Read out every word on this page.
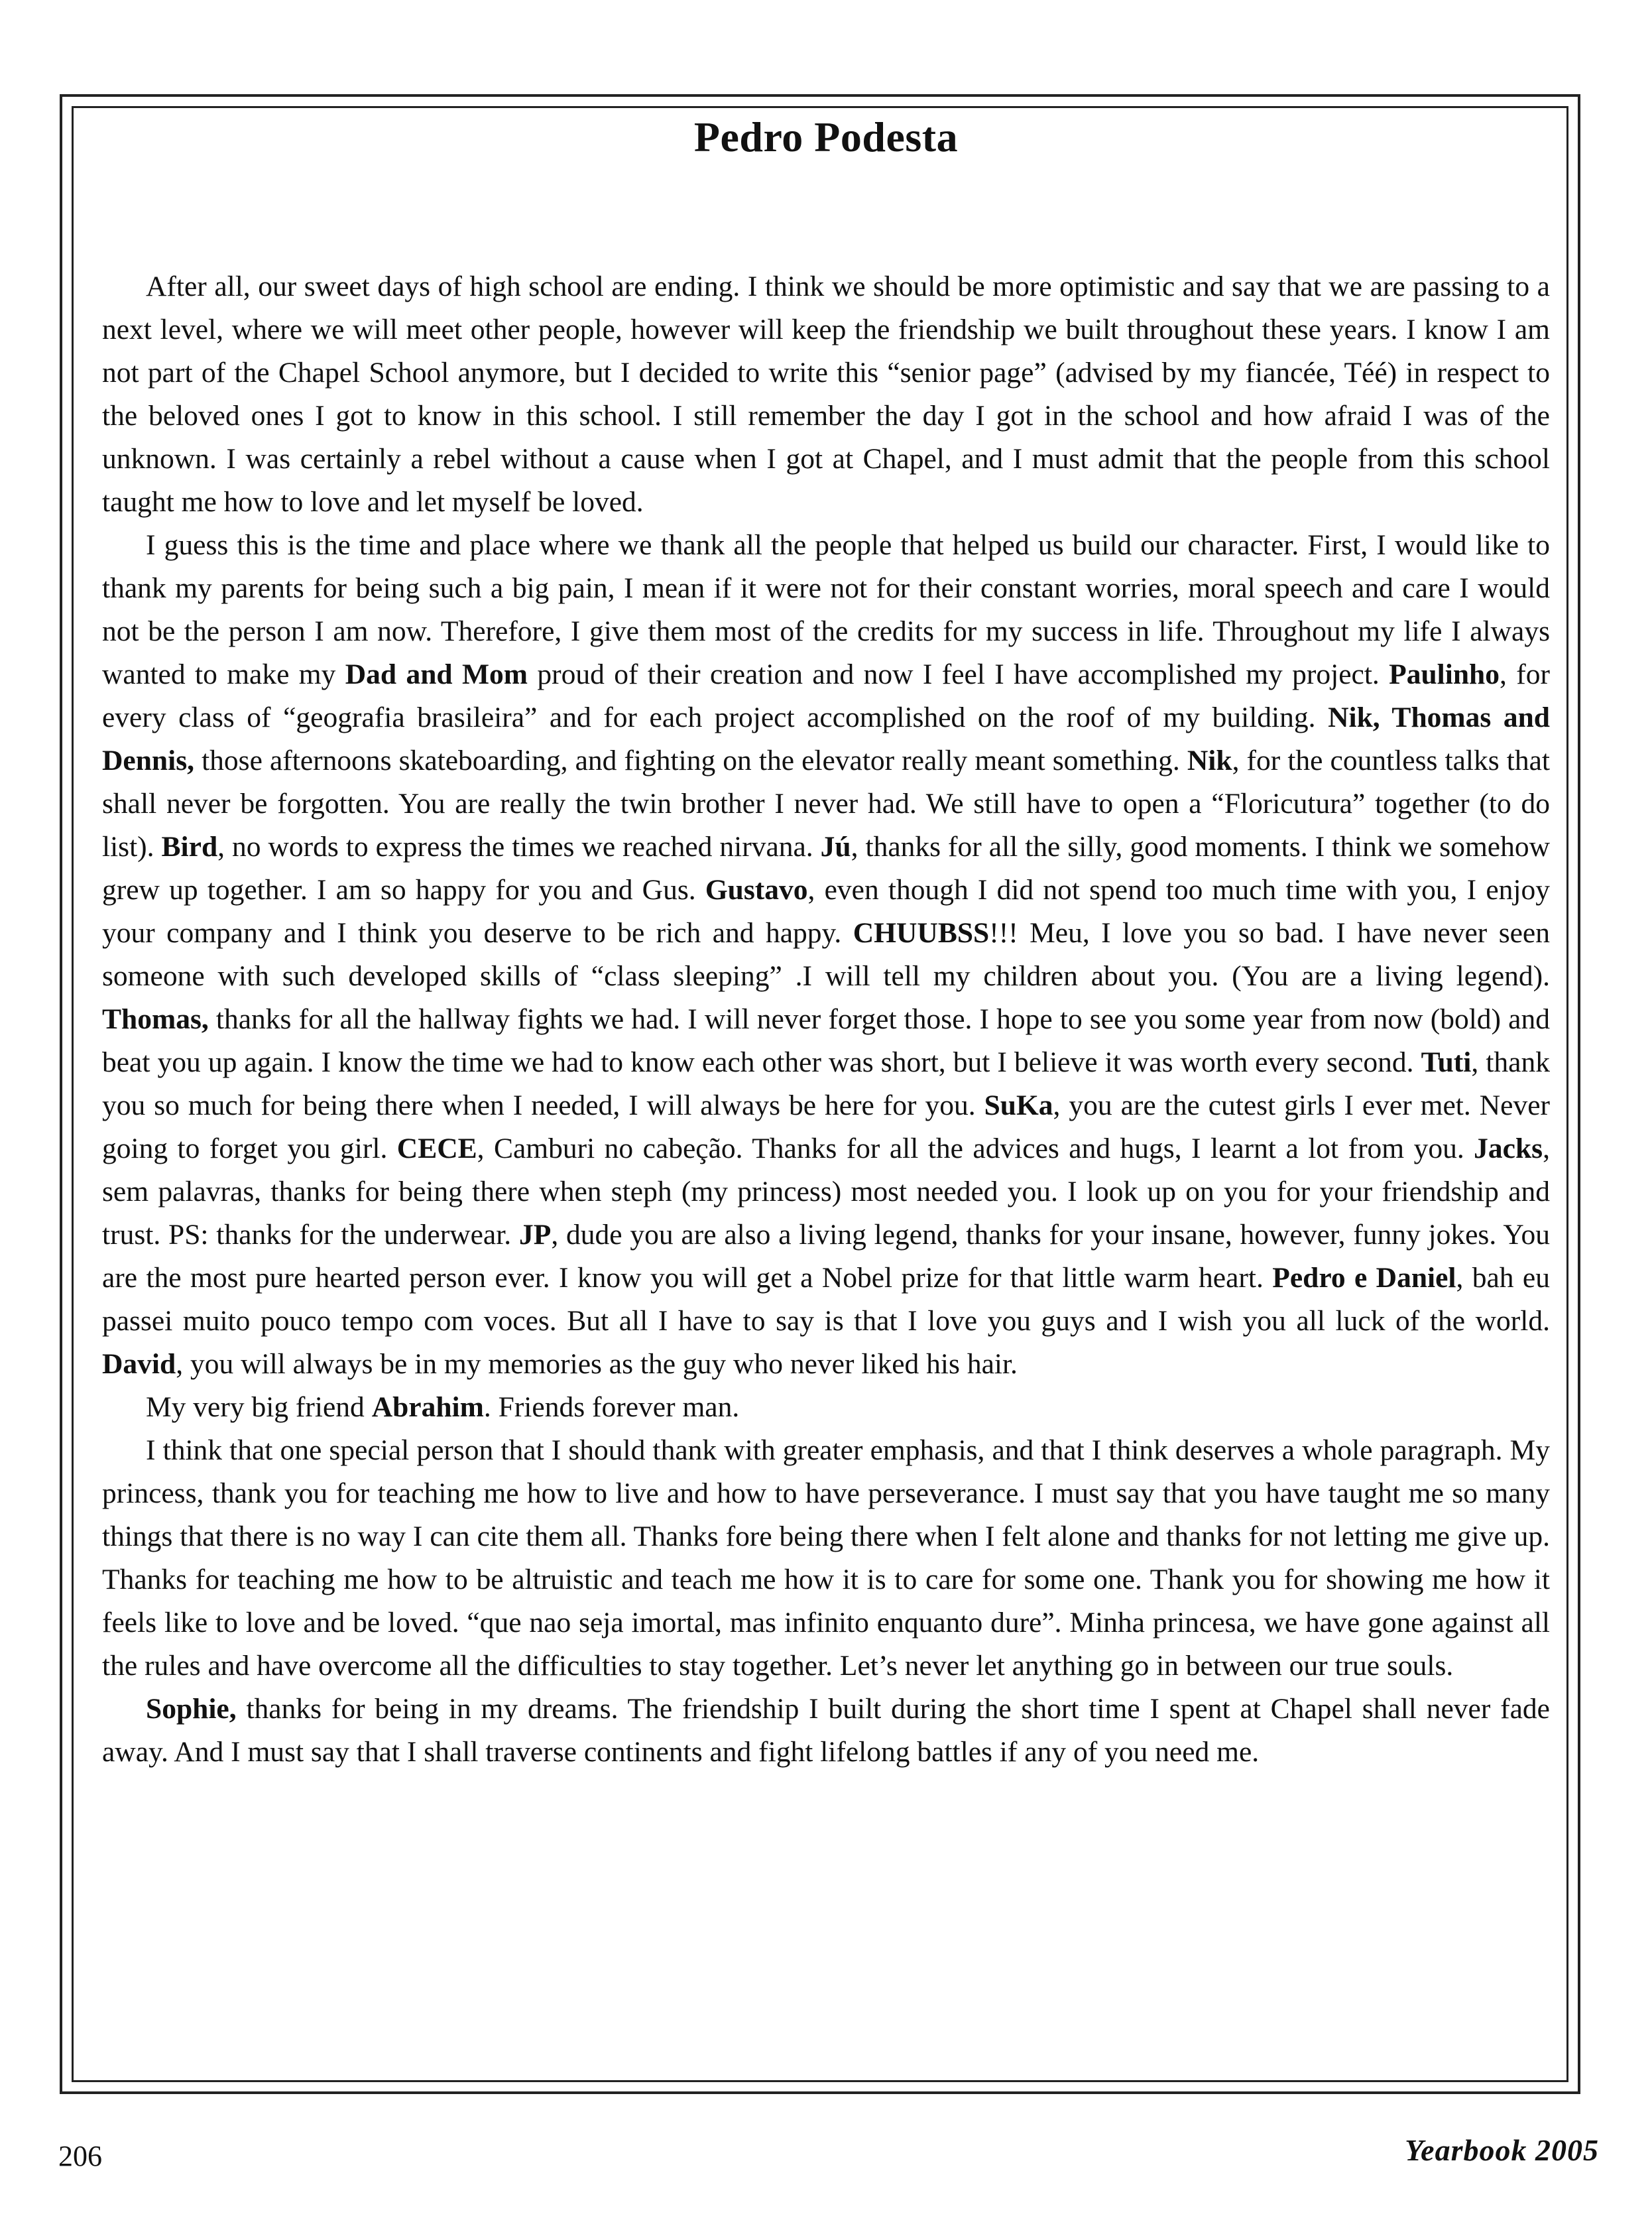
Pedro Podesta

After all, our sweet days of high school are ending. I think we should be more optimistic and say that we are passing to a next level, where we will meet other people, however will keep the friendship we built throughout these years. I know I am not part of the Chapel School anymore, but I decided to write this “senior page” (advised by my fiancée, Téé) in respect to the beloved ones I got to know in this school. I still remember the day I got in the school and how afraid I was of the unknown. I was certainly a rebel without a cause when I got at Chapel, and I must admit that the people from this school taught me how to love and let myself be loved.

I guess this is the time and place where we thank all the people that helped us build our character. First, I would like to thank my parents for being such a big pain, I mean if it were not for their constant worries, moral speech and care I would not be the person I am now. Therefore, I give them most of the credits for my success in life. Throughout my life I always wanted to make my Dad and Mom proud of their creation and now I feel I have accomplished my project. Paulinho, for every class of “geografia brasileira” and for each project accomplished on the roof of my building. Nik, Thomas and Dennis, those afternoons skateboarding, and fighting on the elevator really meant something. Nik, for the countless talks that shall never be forgotten. You are really the twin brother I never had. We still have to open a “Floricutura” together (to do list). Bird, no words to express the times we reached nirvana. Jú, thanks for all the silly, good moments. I think we somehow grew up together. I am so happy for you and Gus. Gustavo, even though I did not spend too much time with you, I enjoy your company and I think you deserve to be rich and happy. CHUUBSS!!! Meu, I love you so bad. I have never seen someone with such developed skills of “class sleeping” .I will tell my children about you. (You are a living legend). Thomas, thanks for all the hallway fights we had. I will never forget those. I hope to see you some year from now (bold) and beat you up again. I know the time we had to know each other was short, but I believe it was worth every second. Tuti, thank you so much for being there when I needed, I will always be here for you. SuKa, you are the cutest girls I ever met. Never going to forget you girl. CECE, Camburi no cabeção. Thanks for all the advices and hugs, I learnt a lot from you. Jacks, sem palavras, thanks for being there when steph (my princess) most needed you. I look up on you for your friendship and trust. PS: thanks for the underwear. JP, dude you are also a living legend, thanks for your insane, however, funny jokes. You are the most pure hearted person ever. I know you will get a Nobel prize for that little warm heart. Pedro e Daniel, bah eu passei muito pouco tempo com voces. But all I have to say is that I love you guys and I wish you all luck of the world. David, you will always be in my memories as the guy who never liked his hair.

My very big friend Abrahim. Friends forever man.

I think that one special person that I should thank with greater emphasis, and that I think deserves a whole paragraph. My princess, thank you for teaching me how to live and how to have perseverance. I must say that you have taught me so many things that there is no way I can cite them all. Thanks fore being there when I felt alone and thanks for not letting me give up. Thanks for teaching me how to be altruistic and teach me how it is to care for some one. Thank you for showing me how it feels like to love and be loved. “que nao seja imortal, mas infinito enquanto dure”. Minha princesa, we have gone against all the rules and have overcome all the difficulties to stay together. Let’s never let anything go in between our true souls.

Sophie, thanks for being in my dreams. The friendship I built during the short time I spent at Chapel shall never fade away. And I must say that I shall traverse continents and fight lifelong battles if any of you need me.

206	Yearbook 2005
